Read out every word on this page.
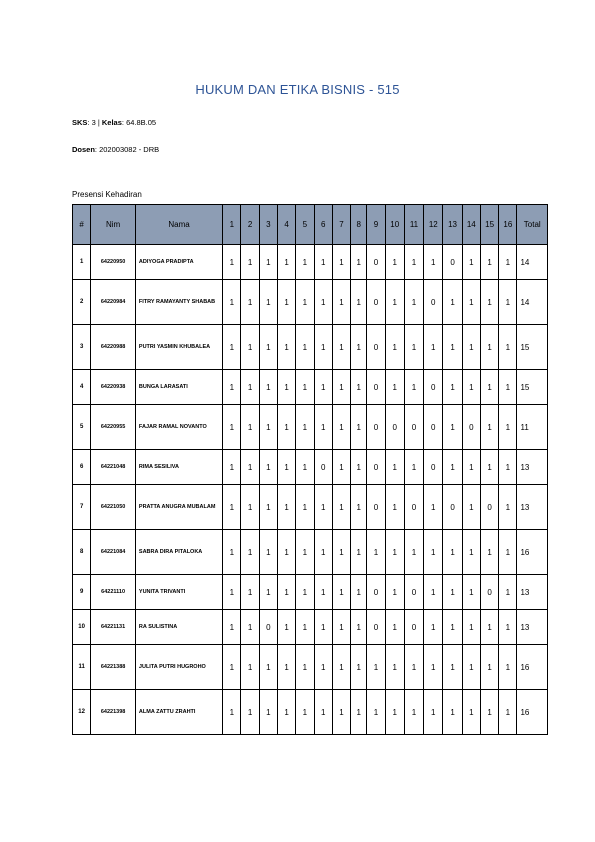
HUKUM DAN ETIKA BISNIS - 515
SKS: 3 | Kelas: 64.8B.05
Dosen: 202003082 - DRB
Presensi Kehadiran
#	Nim	Nama	1	2	3	4	5	6	7	8	9	10	11	12	13	14	15	16	Total
1	64220950	ADIYOGA PRADIPTA	1	1	1	1	1	1	1	1	0	1	1	1	0	1	1	1	14
2	64220984	FITRY RAMAYANTY SHABAB	1	1	1	1	1	1	1	1	0	1	1	0	1	1	1	1	14
3	64220988	PUTRI YASMIN KHUBALEA	1	1	1	1	1	1	1	1	0	1	1	1	1	1	1	1	15
4	64220938	BUNGA LARASATI	1	1	1	1	1	1	1	1	0	1	1	0	1	1	1	1	15
5	64220955	FAJAR RAMAL NOVANTO	1	1	1	1	1	1	1	1	0	0	0	0	1	0	1	1	11
6	64221048	RIMA SESILIVA	1	1	1	1	1	0	1	1	0	1	1	0	1	1	1	1	13
7	64221050	PRATTA ANUGRA MUBALAM	1	1	1	1	1	1	1	1	0	1	0	1	0	1	0	1	13
8	64221084	SABRA DIRA PITALOKA	1	1	1	1	1	1	1	1	1	1	1	1	1	1	1	1	16
9	64221110	YUNITA TRIVANTI	1	1	1	1	1	1	1	1	0	1	0	1	1	1	0	1	13
10	64221131	RA SULISTINA	1	1	0	1	1	1	1	1	0	1	0	1	1	1	1	1	13
11	64221388	JULITA PUTRI HUGROHO	1	1	1	1	1	1	1	1	1	1	1	1	1	1	1	1	16
12	64221398	ALMA ZATTU ZRAHTI	1	1	1	1	1	1	1	1	1	1	1	1	1	1	1	1	16
